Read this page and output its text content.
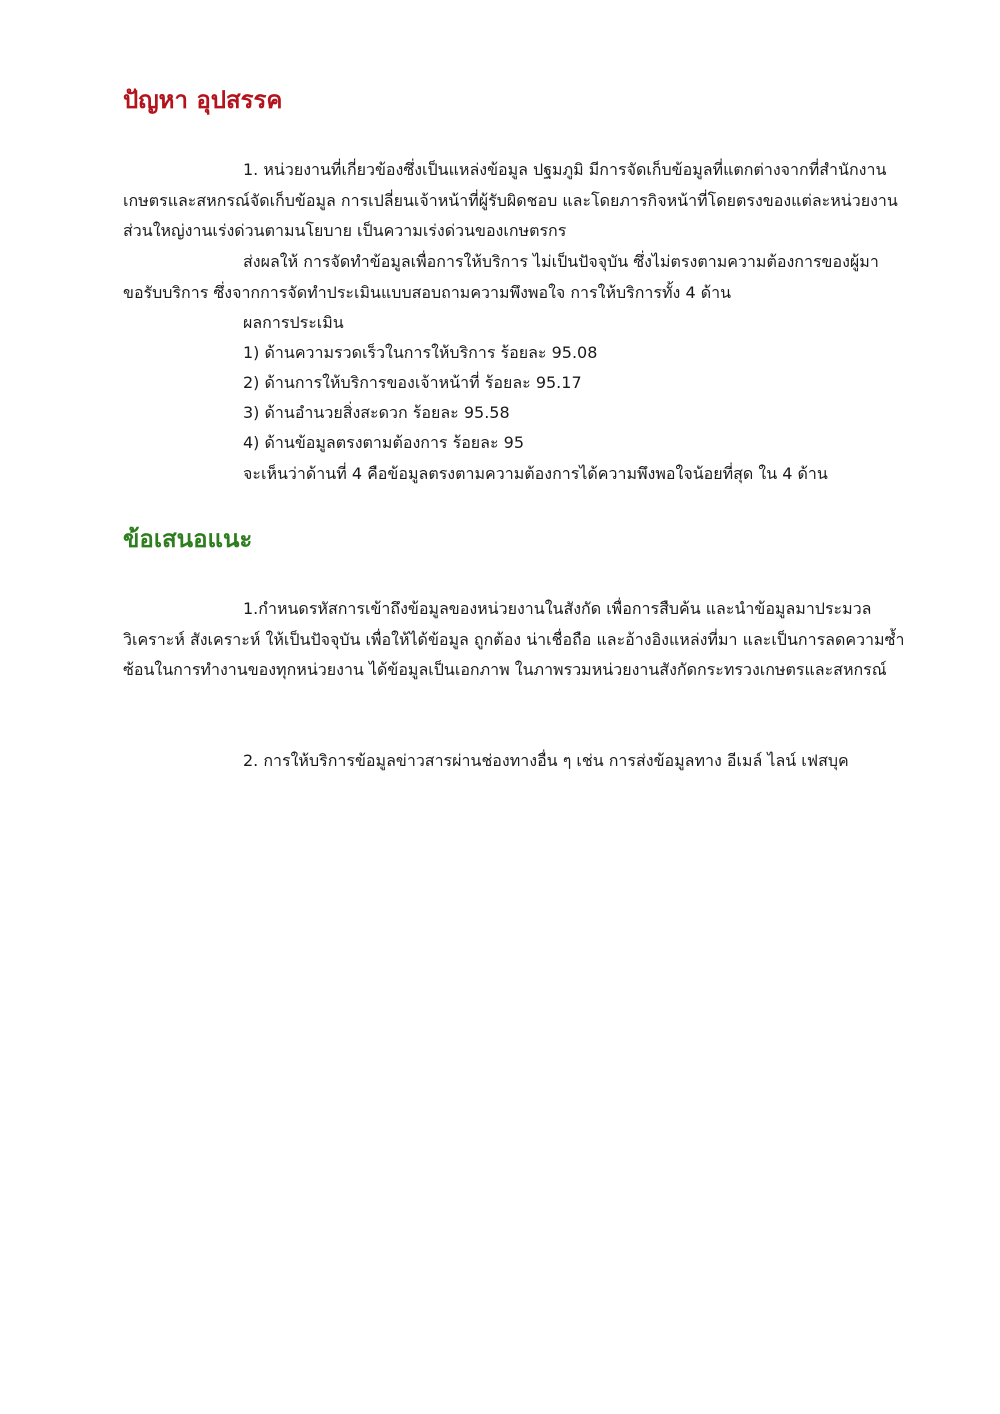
ปัญหา อุปสรรค

1. หน่วยงานที่เกี่ยวข้องซึ่งเป็นแหล่งข้อมูล ปฐมภูมิ มีการจัดเก็บข้อมูลที่แตกต่างจากที่สำนักงานเกษตรและสหกรณ์จัดเก็บข้อมูล การเปลี่ยนเจ้าหน้าที่ผู้รับผิดชอบ และโดยภารกิจหน้าที่โดยตรงของแต่ละหน่วยงานส่วนใหญ่งานเร่งด่วนตามนโยบาย เป็นความเร่งด่วนของเกษตรกร

ส่งผลให้ การจัดทำข้อมูลเพื่อการให้บริการ ไม่เป็นปัจจุบัน ซึ่งไม่ตรงตามความต้องการของผู้มาขอรับบริการ ซึ่งจากการจัดทำประเมินแบบสอบถามความพึงพอใจ การให้บริการทั้ง 4 ด้าน

ผลการประเมิน

1) ด้านความรวดเร็วในการให้บริการ ร้อยละ 95.08

2) ด้านการให้บริการของเจ้าหน้าที่ ร้อยละ 95.17

3) ด้านอำนวยสิ่งสะดวก ร้อยละ 95.58

4) ด้านข้อมูลตรงตามต้องการ ร้อยละ 95

จะเห็นว่าด้านที่ 4 คือข้อมูลตรงตามความต้องการได้ความพึงพอใจน้อยที่สุด ใน 4 ด้าน

ข้อเสนอแนะ

1.กำหนดรหัสการเข้าถึงข้อมูลของหน่วยงานในสังกัด เพื่อการสืบค้น และนำข้อมูลมาประมวลวิเคราะห์ สังเคราะห์ ให้เป็นปัจจุบัน เพื่อให้ได้ข้อมูล ถูกต้อง น่าเชื่อถือ และอ้างอิงแหล่งที่มา และเป็นการลดความซ้ำซ้อนในการทำงานของทุกหน่วยงาน ได้ข้อมูลเป็นเอกภาพ ในภาพรวมหน่วยงานสังกัดกระทรวงเกษตรและสหกรณ์

2. การให้บริการข้อมูลข่าวสารผ่านช่องทางอื่น ๆ เช่น การส่งข้อมูลทาง อีเมล์ ไลน์ เฟสบุค
